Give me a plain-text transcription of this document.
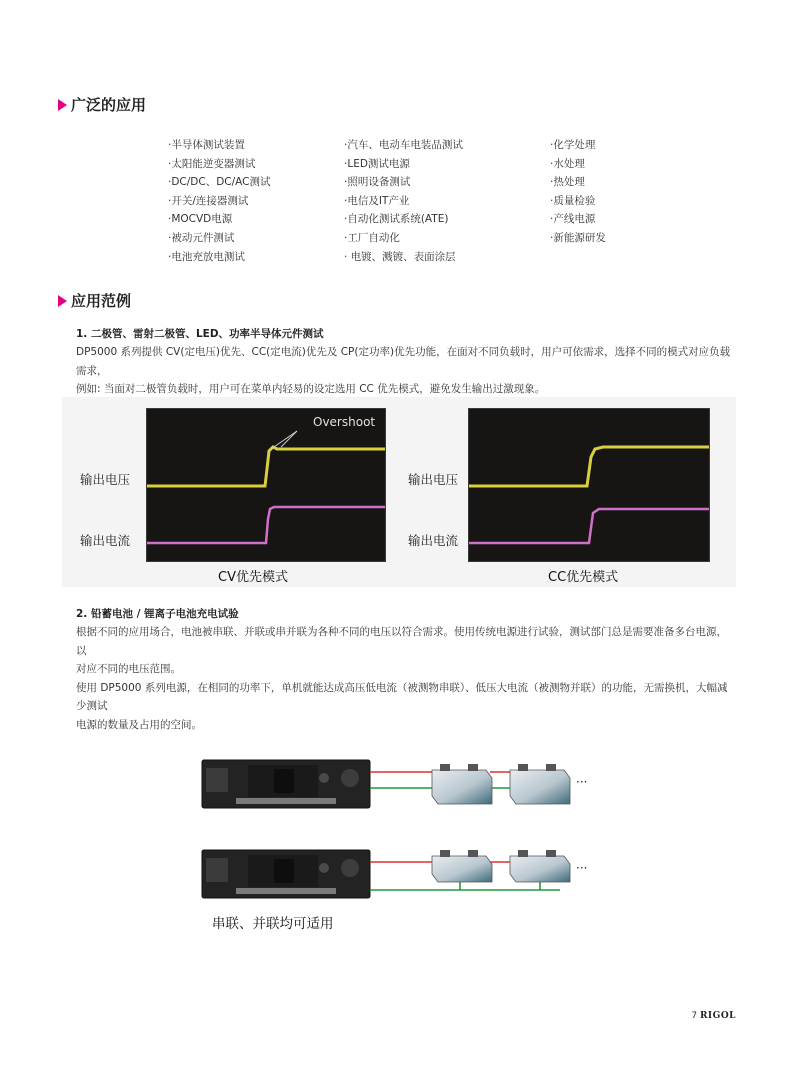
广泛的应用
·半导体测试装置
·太阳能逆变器测试
·DC/DC、DC/AC测试
·开关/连接器测试
·MOCVD电源
·被动元件测试
·电池充放电测试
·汽车、电动车电装品测试
·LED测试电源
·照明设备测试
·电信及IT产业
·自动化测试系统(ATE)
·工厂自动化
· 电镀、溅镀、表面涂层
·化学处理
·水处理
·热处理
·质量检验
·产线电源
·新能源研发
应用范例
1. 二极管、雷射二极管、LED、功率半导体元件测试

DP5000 系列提供 CV(定电压)优先、CC(定电流)优先及 CP(定功率)优先功能，在面对不同负载时，用户可依需求，选择不同的模式对应负载需求，

例如: 当面对二极管负载时，用户可在菜单内轻易的设定选用 CC 优先模式，避免发生输出过激现象。

Overshoot
输出电压
输出电流
CV优先模式
输出电压
输出电流
CC优先模式
2. 铅蓄电池 / 锂离子电池充电试验

根据不同的应用场合，电池被串联、并联或串并联为各种不同的电压以符合需求。使用传统电源进行试验，测试部门总是需要准备多台电源，以

对应不同的电压范围。

使用 DP5000 系列电源，在相同的功率下，单机就能达成高压低电流（被测物串联）、低压大电流（被测物并联）的功能，无需换机，大幅减少测试

电源的数量及占用的空间。

···
···
串联、并联均可适用
7 RIGOL
